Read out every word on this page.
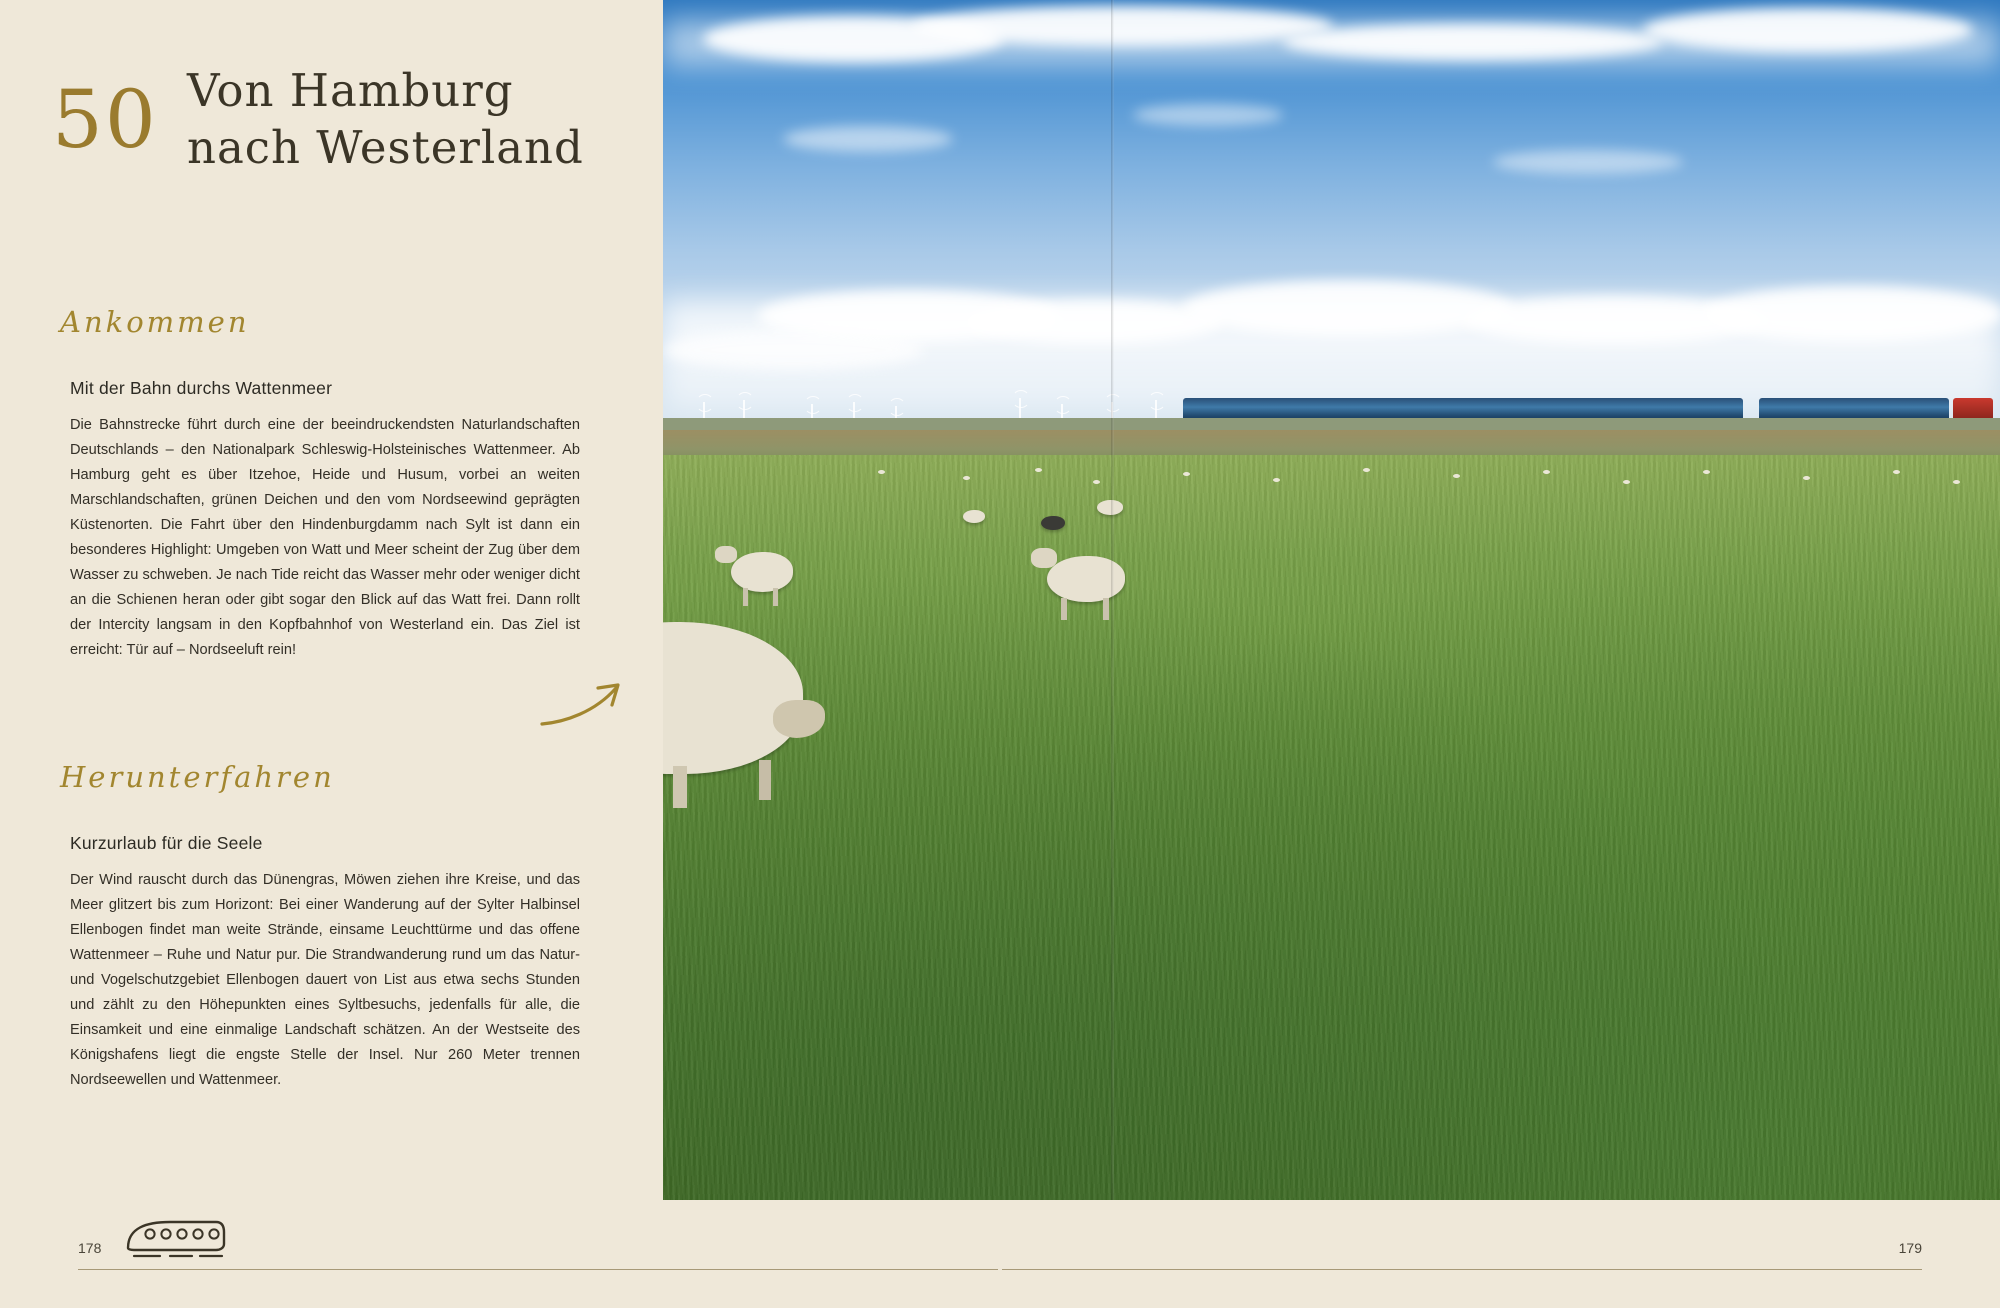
50 Von Hamburg
nach Westerland
Ankommen
Mit der Bahn durchs Wattenmeer

Die Bahnstrecke führt durch eine der beeindruckendsten Naturlandschaften Deutschlands – den Nationalpark Schleswig-Holsteinisches Wattenmeer. Ab Hamburg geht es über Itzehoe, Heide und Husum, vorbei an weiten Marschlandschaften, grünen Deichen und den vom Nordseewind geprägten Küstenorten. Die Fahrt über den Hindenburgdamm nach Sylt ist dann ein besonderes Highlight: Umgeben von Watt und Meer scheint der Zug über dem Wasser zu schweben. Je nach Tide reicht das Wasser mehr oder weniger dicht an die Schienen heran oder gibt sogar den Blick auf das Watt frei. Dann rollt der Intercity langsam in den Kopfbahnhof von Westerland ein. Das Ziel ist erreicht: Tür auf – Nordseeluft rein!

Herunterfahren
Kurzurlaub für die Seele

Der Wind rauscht durch das Dünengras, Möwen ziehen ihre Kreise, und das Meer glitzert bis zum Horizont: Bei einer Wanderung auf der Sylter Halbinsel Ellenbogen findet man weite Strände, einsame Leuchttürme und das offene Wattenmeer – Ruhe und Natur pur. Die Strandwanderung rund um das Natur- und Vogelschutzgebiet Ellenbogen dauert von List aus etwa sechs Stunden und zählt zu den Höhepunkten eines Syltbesuchs, jedenfalls für alle, die Einsamkeit und eine einmalige Landschaft schätzen. An der Westseite des Königshafens liegt die engste Stelle der Insel. Nur 260 Meter trennen Nordseewellen und Wattenmeer.

178	179
